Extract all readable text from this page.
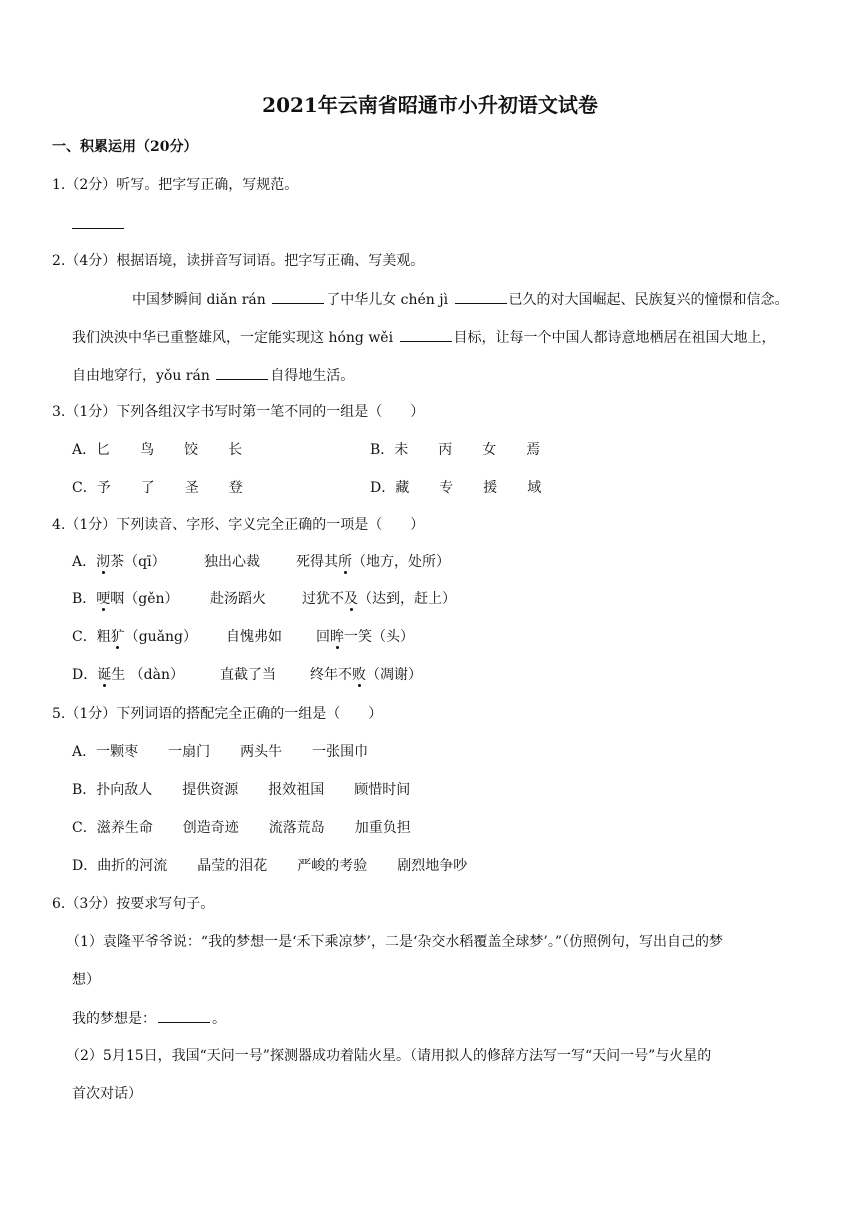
2021年云南省昭通市小升初语文试卷
一、积累运用（20分）
1.（2分）听写。把字写正确，写规范。
2.（4分）根据语境，读拼音写词语。把字写正确、写美观。
中国梦瞬间 diǎn rán	了中华儿女 chén jì	已久的对大国崛起、民族复兴的憧憬和信念。
我们泱泱中华已重整雄风，一定能实现这 hóng wěi	目标，让每一个中国人都诗意地栖居在祖国大地上，
自由地穿行，yǒu rán	自得地生活。
3.（1分）下列各组汉字书写时第一笔不同的一组是（　　）
A．匕 鸟 饺 长	B．未 丙 女 焉
C．予 了 圣 登	D．藏 专 援 域
4.（1分）下列读音、字形、字义完全正确的一项是（　　）
A．沏茶（qī）	独出心裁	死得其所（地方，处所）
B．哽咽（gěn） 赴汤蹈火	过犹不及（达到，赶上）
C．粗犷（guǎng） 自愧弗如 回眸一笑（头）
D．诞生 （dàn）	直截了当 终年不败（凋谢）
5.（1分）下列词语的搭配完全正确的一组是（　　）
A．一颗枣 一扇门 两头牛 一张围巾
B．扑向敌人 提供资源 报效祖国 顾惜时间
C．滋养生命 创造奇迹 流落荒岛 加重负担
D．曲折的河流 晶莹的泪花 严峻的考验 剧烈地争吵
6.（3分）按要求写句子。
（1）袁隆平爷爷说：“我的梦想一是‘禾下乘凉梦’，二是‘杂交水稻覆盖全球梦’。”（仿照例句，写出自己的梦
想）
我的梦想是：	。
（2）5月15日，我国“天问一号”探测器成功着陆火星。（请用拟人的修辞方法写一写“天问一号”与火星的
首次对话）
